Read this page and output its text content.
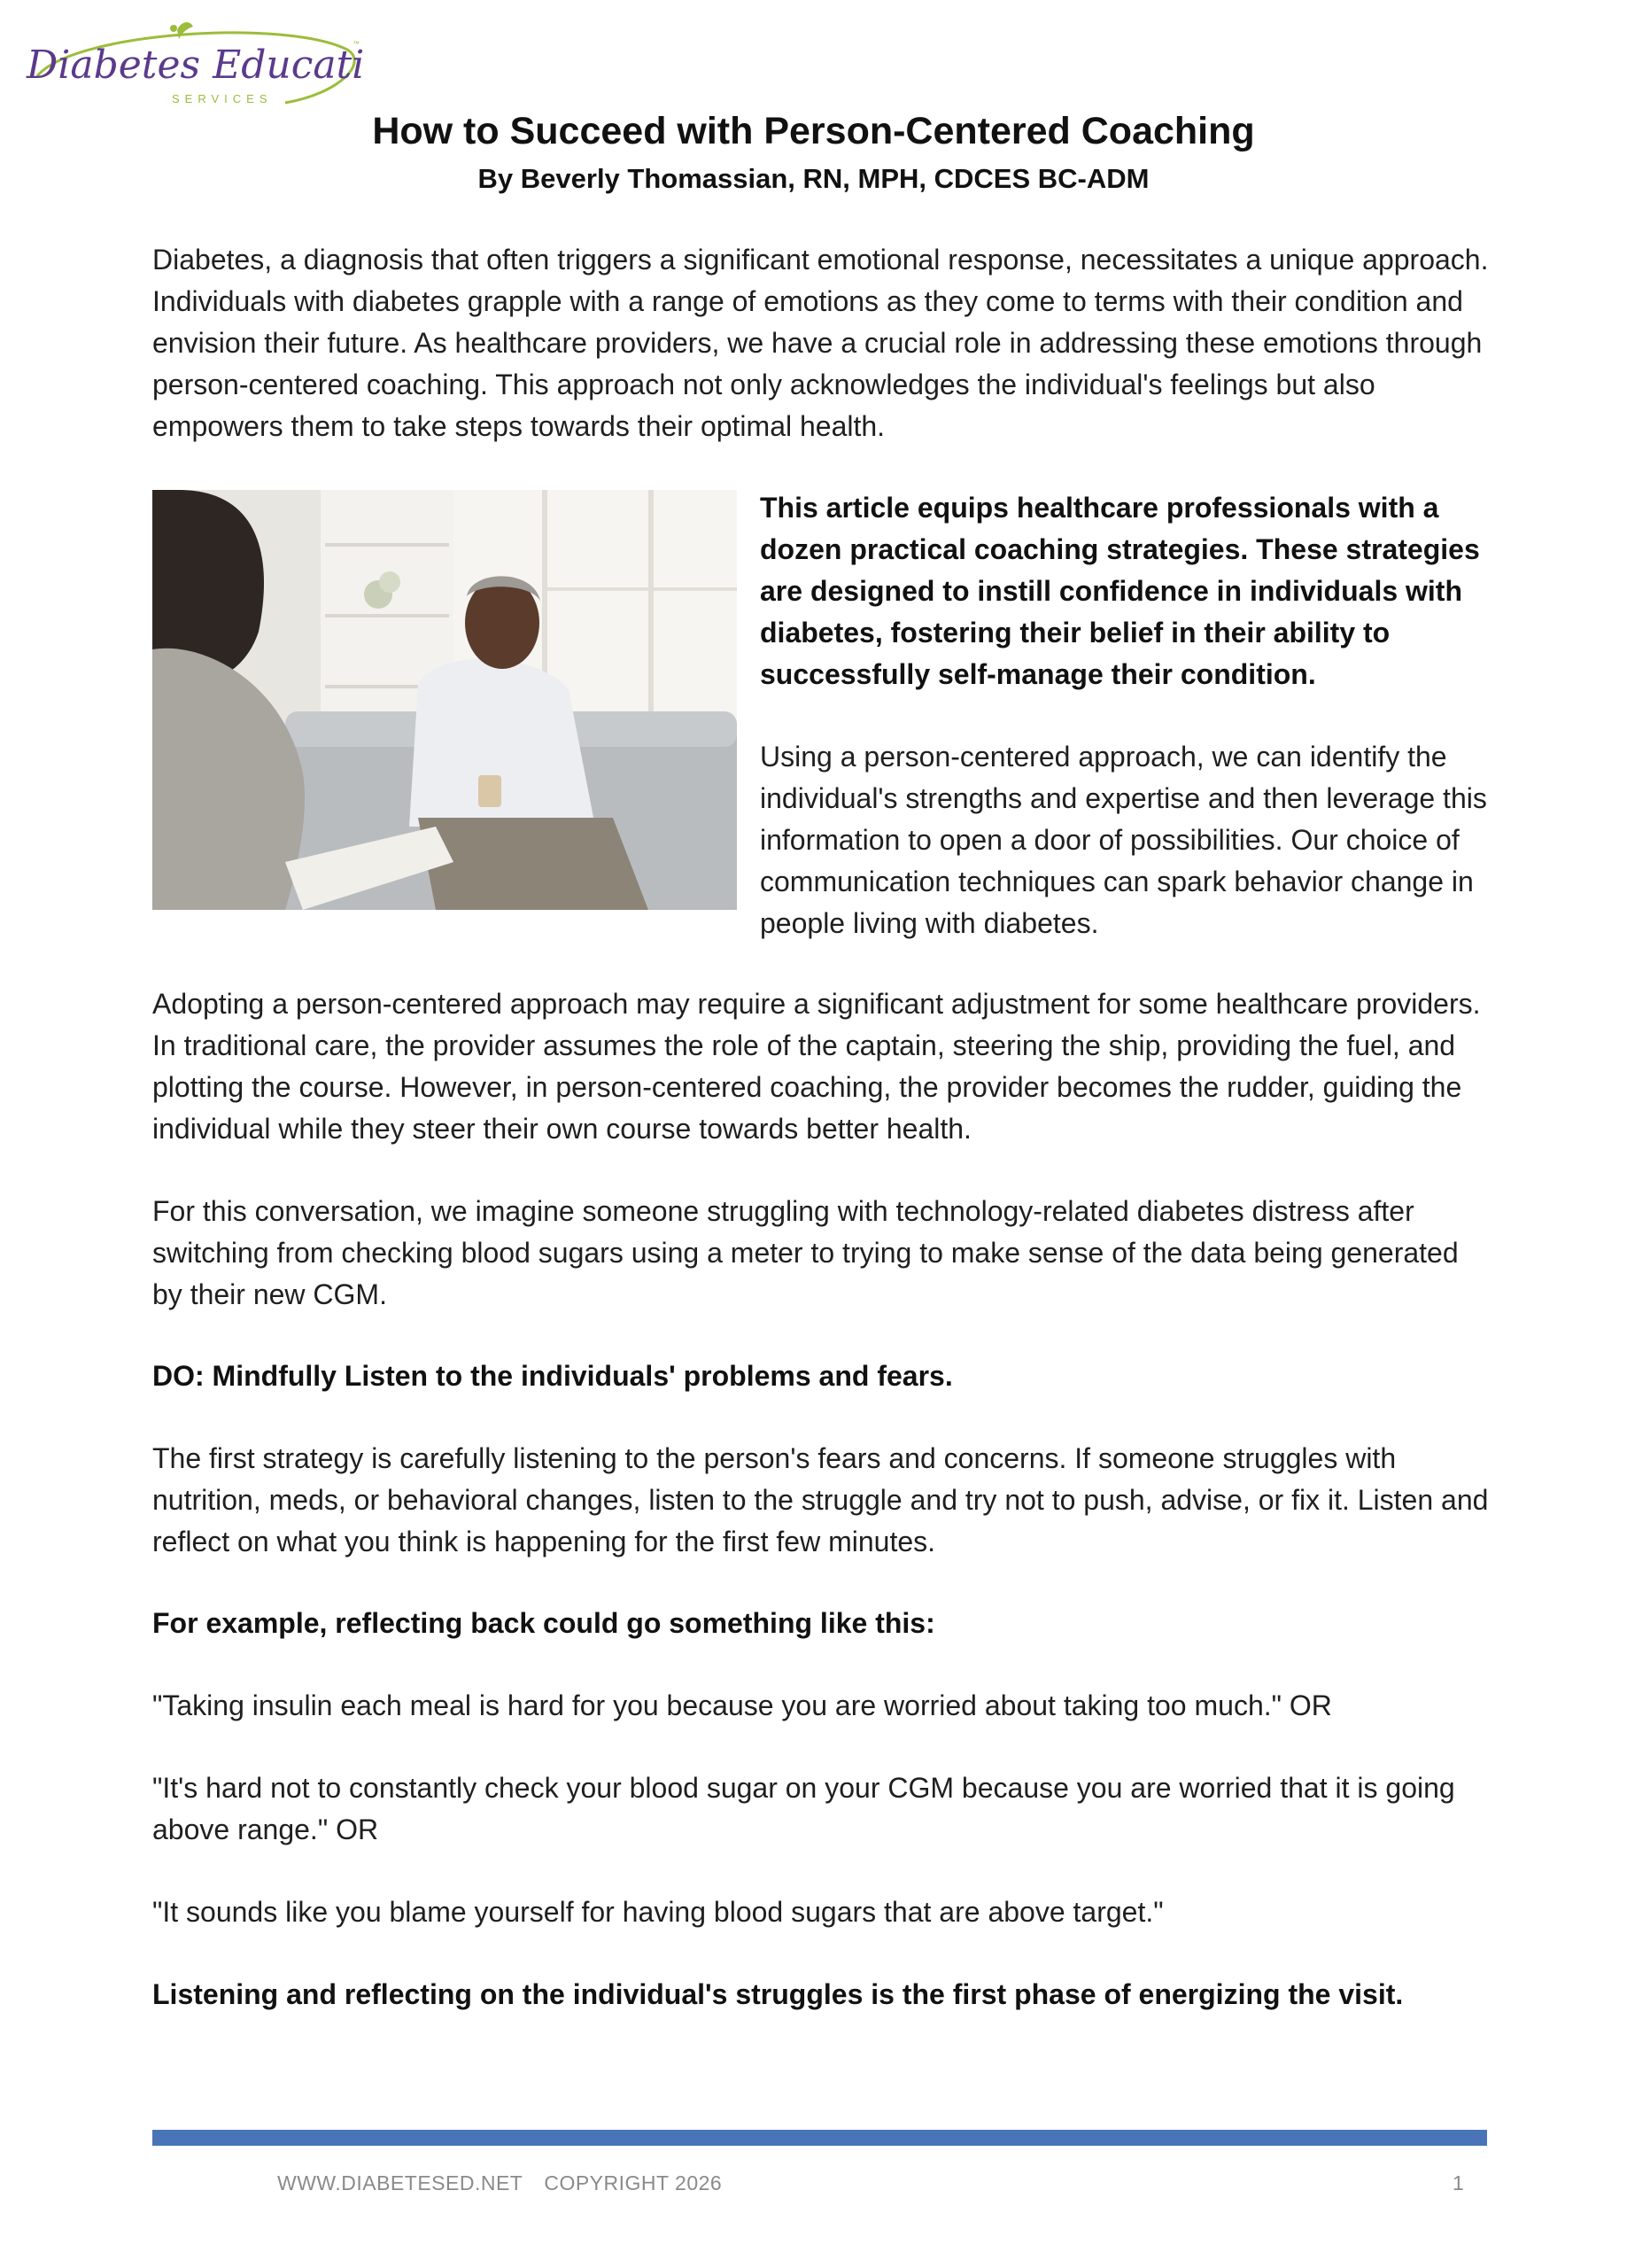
Diabetes Educati
SERVICES
™
How to Succeed with Person-Centered Coaching
By Beverly Thomassian, RN, MPH, CDCES BC-ADM

Diabetes, a diagnosis that often triggers a significant emotional response, necessitates a unique approach. Individuals with diabetes grapple with a range of emotions as they come to terms with their condition and envision their future. As healthcare providers, we have a crucial role in addressing these emotions through person-centered coaching. This approach not only acknowledges the individual's feelings but also empowers them to take steps towards their optimal health.

This article equips healthcare professionals with a dozen practical coaching strategies. These strategies are designed to instill confidence in individuals with diabetes, fostering their belief in their ability to successfully self-manage their condition.

Using a person-centered approach, we can identify the individual's strengths and expertise and then leverage this information to open a door of possibilities. Our choice of communication techniques can spark behavior change in people living with diabetes.

Adopting a person-centered approach may require a significant adjustment for some healthcare providers. In traditional care, the provider assumes the role of the captain, steering the ship, providing the fuel, and plotting the course. However, in person-centered coaching, the provider becomes the rudder, guiding the individual while they steer their own course towards better health.

For this conversation, we imagine someone struggling with technology-related diabetes distress after switching from checking blood sugars using a meter to trying to make sense of the data being generated by their new CGM.

DO: Mindfully Listen to the individuals' problems and fears.

The first strategy is carefully listening to the person's fears and concerns. If someone struggles with nutrition, meds, or behavioral changes, listen to the struggle and try not to push, advise, or fix it. Listen and reflect on what you think is happening for the first few minutes.

For example, reflecting back could go something like this:

"Taking insulin each meal is hard for you because you are worried about taking too much." OR

"It's hard not to constantly check your blood sugar on your CGM because you are worried that it is going above range." OR

"It sounds like you blame yourself for having blood sugars that are above target."

Listening and reflecting on the individual's struggles is the first phase of energizing the visit.

WWW.DIABETESED.NET COPYRIGHT 2026	1
